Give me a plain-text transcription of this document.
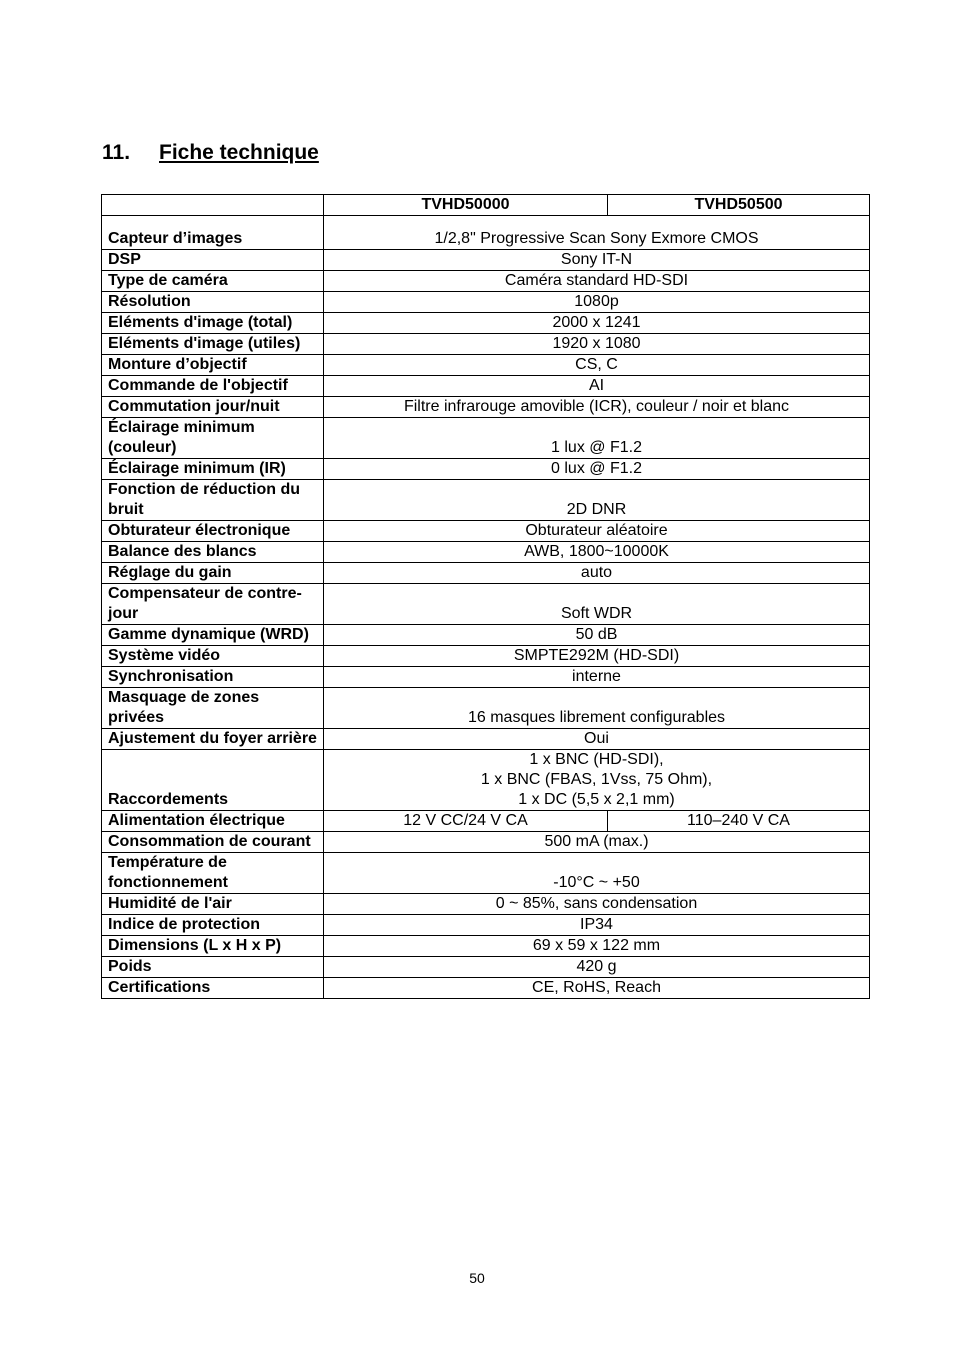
11. Fiche technique
	TVHD50000	TVHD50500
Capteur d’images	1/2,8" Progressive Scan Sony Exmore CMOS	
DSP	Sony IT-N	
Type de caméra	Caméra standard HD-SDI	
Résolution	1080p	
Eléments d'image (total)	2000 x 1241	
Eléments d'image (utiles)	1920 x 1080	
Monture d’objectif	CS, C	
Commande de l'objectif	AI	
Commutation jour/nuit	Filtre infrarouge amovible (ICR), couleur / noir et blanc	
Éclairage minimum (couleur)	1 lux @ F1.2	
Éclairage minimum (IR)	0 lux @ F1.2	
Fonction de réduction du bruit	2D DNR	
Obturateur électronique	Obturateur aléatoire	
Balance des blancs	AWB, 1800~10000K	
Réglage du gain	auto	
Compensateur de contre-jour	Soft WDR	
Gamme dynamique (WRD)	50 dB	
Système vidéo	SMPTE292M (HD-SDI)	
Synchronisation	interne	
Masquage de zones privées	16 masques librement configurables	
Ajustement du foyer arrière	Oui	
Raccordements	1 x BNC (HD-SDI),
1 x BNC (FBAS, 1Vss, 75 Ohm),
1 x DC (5,5 x 2,1 mm)	

Alimentation électrique	12 V CC/24 V CA	110–240 V CA
Consommation de courant	500 mA (max.)	
Température de fonctionnement	-10°C ~ +50	
Humidité de l'air	0 ~ 85%, sans condensation	
Indice de protection	IP34	
Dimensions (L x H x P)	69 x 59 x 122 mm	
Poids	420 g	
Certifications	CE, RoHS, Reach	
50
